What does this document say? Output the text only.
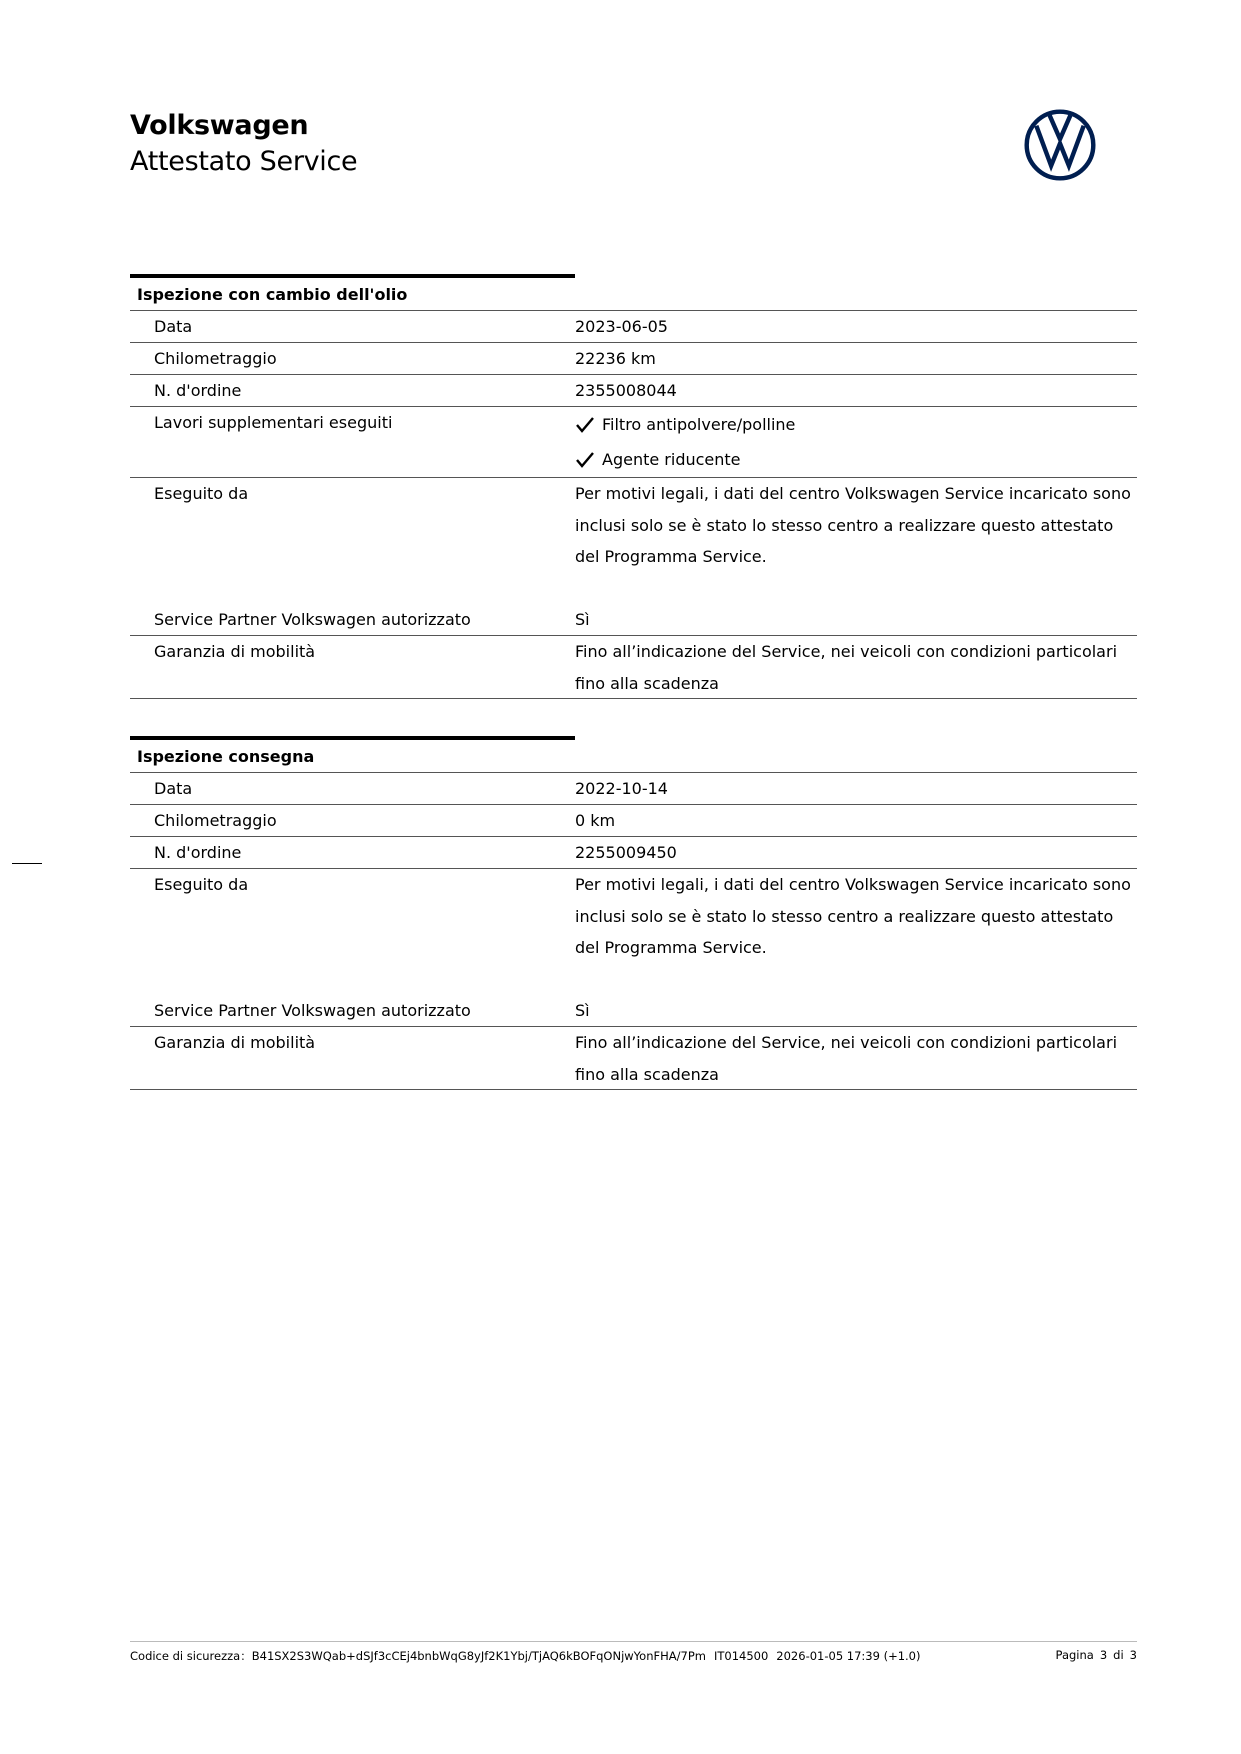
Volkswagen
Attestato Service
Ispezione con cambio dell'olio
Data	2023-06-05
Chilometraggio	22236 km
N. d'ordine	2355008044
Lavori supplementari eseguiti	Filtro antipolvere/polline
Agente riducente
Eseguito da	Per motivi legali, i dati del centro Volkswagen Service incaricato sono inclusi solo se è stato lo stesso centro a realizzare questo attestato del Programma Service.
Service Partner Volkswagen autorizzato	Sì
Garanzia di mobilità	Fino all’indicazione del Service, nei veicoli con condizioni particolari fino alla scadenza
Ispezione consegna
Data	2022-10-14
Chilometraggio	0 km
N. d'ordine	2255009450
Eseguito da	Per motivi legali, i dati del centro Volkswagen Service incaricato sono inclusi solo se è stato lo stesso centro a realizzare questo attestato del Programma Service.
Service Partner Volkswagen autorizzato	Sì
Garanzia di mobilità	Fino all’indicazione del Service, nei veicoli con condizioni particolari fino alla scadenza
Codice di sicurezza：B41SX2S3WQab+dSJf3cCEj4bnbWqG8yJf2K1Ybj/TjAQ6kBOFqONjwYonFHA/7Pm IT014500 2026-01-05 17:39 (+1.0)	Pagina 3 di 3
